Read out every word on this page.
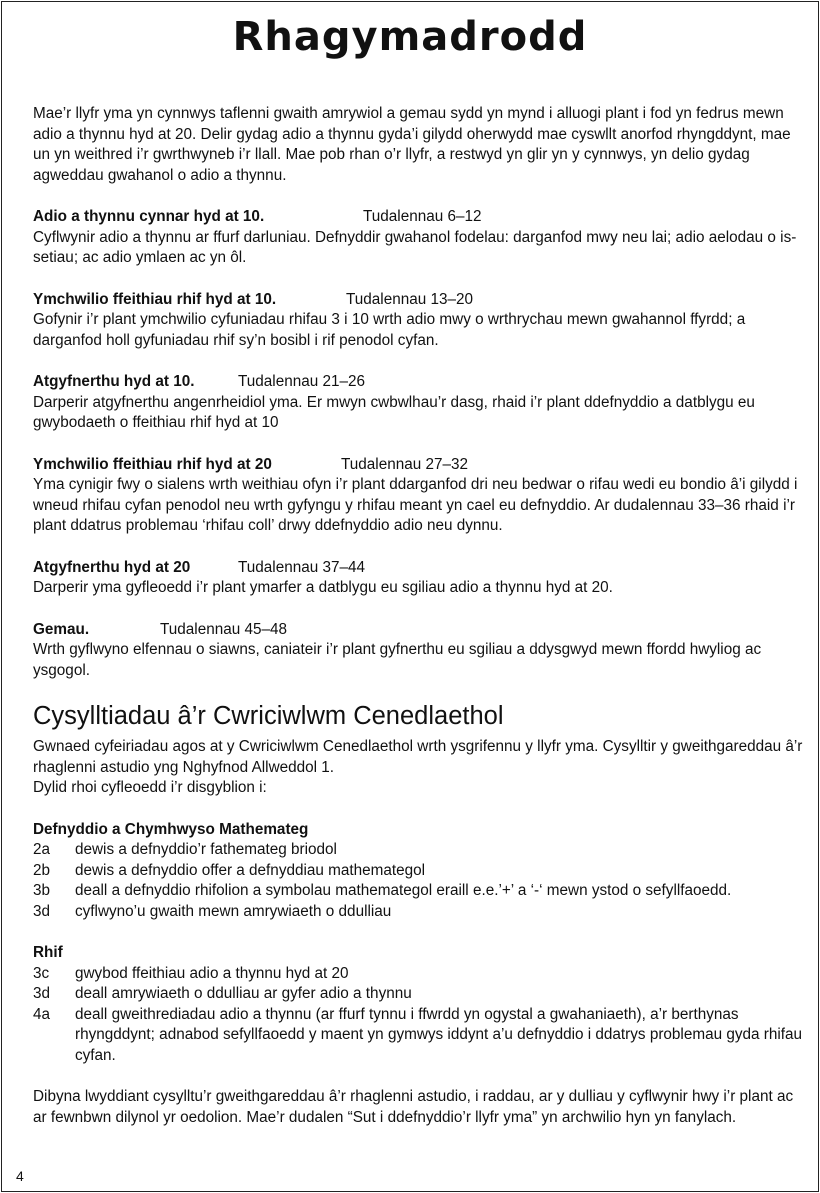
Rhagymadrodd

Mae’r llyfr yma yn cynnwys taflenni gwaith amrywiol a gemau sydd yn mynd i alluogi plant i fod yn fedrus mewn adio a thynnu hyd at 20. Delir gydag adio a thynnu gyda’i gilydd oherwydd mae cyswllt anorfod rhyngddynt, mae un yn weithred i’r gwrthwyneb i’r llall. Mae pob rhan o’r llyfr, a restwyd yn glir yn y cynnwys, yn delio gydag agweddau gwahanol o adio a thynnu.

Adio a thynnu cynnar hyd at 10.	Tudalennau 6–12

Cyflwynir adio a thynnu ar ffurf darluniau. Defnyddir gwahanol fodelau: darganfod mwy neu lai; adio aelodau o is-setiau; ac adio ymlaen ac yn ôl.

Ymchwilio ffeithiau rhif hyd at 10.	Tudalennau 13–20

Gofynir i’r plant ymchwilio cyfuniadau rhifau 3 i 10 wrth adio mwy o wrthrychau mewn gwahannol ffyrdd; a darganfod holl gyfuniadau rhif sy’n bosibl i rif penodol cyfan.

Atgyfnerthu hyd at 10.	Tudalennau 21–26

Darperir atgyfnerthu angenrheidiol yma. Er mwyn cwbwlhau’r dasg, rhaid i’r plant ddefnyddio a datblygu eu gwybodaeth o ffeithiau rhif hyd at 10

Ymchwilio ffeithiau rhif hyd at 20	Tudalennau 27–32

Yma cynigir fwy o sialens wrth weithiau ofyn i’r plant ddarganfod dri neu bedwar o rifau wedi eu bondio â’i gilydd i wneud rhifau cyfan penodol neu wrth gyfyngu y rhifau meant yn cael eu defnyddio. Ar dudalennau 33–36 rhaid i’r plant ddatrus problemau ‘rhifau coll’ drwy ddefnyddio adio neu dynnu.

Atgyfnerthu hyd at 20	Tudalennau 37–44

Darperir yma gyfleoedd i’r plant ymarfer a datblygu eu sgiliau adio a thynnu hyd at 20.

Gemau.	Tudalennau 45–48

Wrth gyflwyno elfennau o siawns, caniateir i’r plant gyfnerthu eu sgiliau a ddysgwyd mewn ffordd hwyliog ac ysgogol.

Cysylltiadau â’r Cwriciwlwm Cenedlaethol

Gwnaed cyfeiriadau agos at y Cwriciwlwm Cenedlaethol wrth ysgrifennu y llyfr yma. Cysylltir y gweithgareddau â’r rhaglenni astudio yng Nghyfnod Allweddol 1.

Dylid rhoi cyfleoedd i’r disgyblion i:

Defnyddio a Chymhwyso Mathemateg
2a	dewis a defnyddio’r fathemateg briodol
2b	dewis a defnyddio offer a defnyddiau mathemategol
3b	deall a defnyddio rhifolion a symbolau mathemategol eraill e.e.’+’ a ‘-‘ mewn ystod o sefyllfaoedd.
3d	cyflwyno’u gwaith mewn amrywiaeth o ddulliau
Rhif
3c	gwybod ffeithiau adio a thynnu hyd at 20
3d	deall amrywiaeth o ddulliau ar gyfer adio a thynnu
4a	deall gweithrediadau adio a thynnu (ar ffurf tynnu i ffwrdd yn ogystal a gwahaniaeth), a’r berthynas rhyngddynt; adnabod sefyllfaoedd y maent yn gymwys iddynt a’u defnyddio i ddatrys problemau gyda rhifau cyfan.

Dibyna lwyddiant cysylltu’r gweithgareddau â’r rhaglenni astudio, i raddau, ar y dulliau y cyflwynir hwy i’r plant ac ar fewnbwn dilynol yr oedolion. Mae’r dudalen “Sut i ddefnyddio’r llyfr yma” yn archwilio hyn yn fanylach.

4
